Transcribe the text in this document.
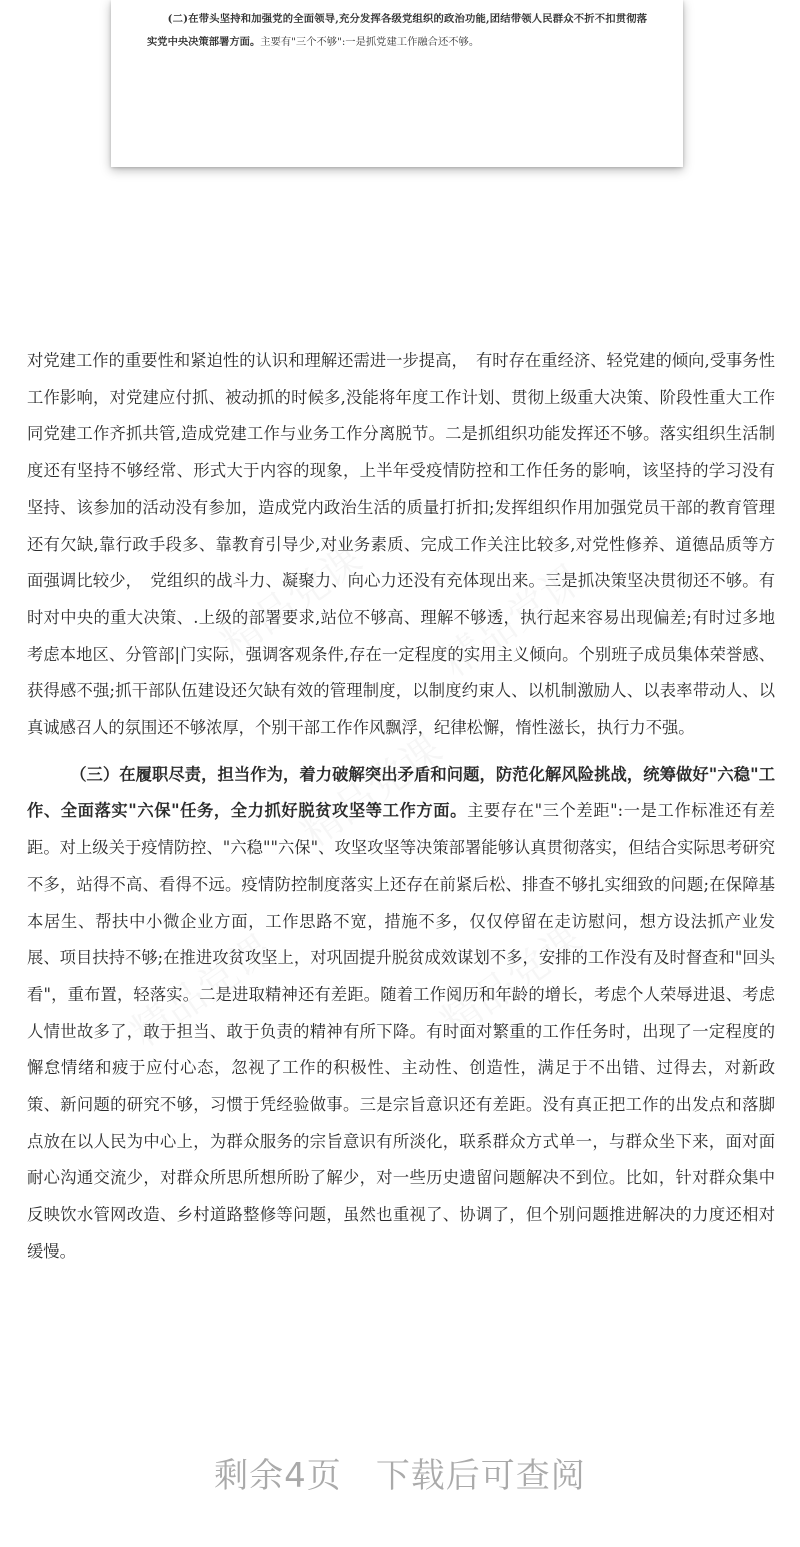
(二)在带头坚持和加强党的全面领导,充分发挥各级党组织的政治功能,团结带领人民群众不折不扣贯彻落实党中央决策部署方面。主要有"三个不够":一是抓党建工作融合还不够。

对党建工作的重要性和紧迫性的认识和理解还需进一步提高，　有时存在重经济、轻党建的倾向,受事务性工作影响，对党建应付抓、被动抓的时候多,没能将年度工作计划、贯彻上级重大决策、阶段性重大工作同党建工作齐抓共管,造成党建工作与业务工作分离脱节。二是抓组织功能发挥还不够。落实组织生活制度还有坚持不够经常、形式大于内容的现象，上半年受疫情防控和工作任务的影响，该坚持的学习没有坚持、该参加的活动没有参加，造成党内政治生活的质量打折扣;发挥组织作用加强党员干部的教育管理还有欠缺,靠行政手段多、靠教育引导少,对业务素质、完成工作关注比较多,对党性修养、道德品质等方面强调比较少，　党组织的战斗力、凝聚力、向心力还没有充体现出来。三是抓决策坚决贯彻还不够。有时对中央的重大决策、.上级的部署要求,站位不够高、理解不够透，执行起来容易出现偏差;有时过多地考虑本地区、分管部|门实际，强调客观条件,存在一定程度的实用主义倾向。个别班子成员集体荣誉感、获得感不强;抓干部队伍建设还欠缺有效的管理制度，以制度约束人、以机制激励人、以表率带动人、以真诚感召人的氛围还不够浓厚，个别干部工作作风飘浮，纪律松懈，惰性滋长，执行力不强。

（三）在履职尽责，担当作为，着力破解突出矛盾和问题，防范化解风险挑战，统筹做好"六稳"工作、全面落实"六保"任务，全力抓好脱贫攻坚等工作方面。主要存在"三个差距":一是工作标准还有差距。对上级关于疫情防控、"六稳""六保"、攻坚攻坚等决策部署能够认真贯彻落实，但结合实际思考研究不多，站得不高、看得不远。疫情防控制度落实上还存在前紧后松、排查不够扎实细致的问题;在保障基本居生、帮扶中小微企业方面，工作思路不宽，措施不多，仅仅停留在走访慰问，想方设法抓产业发展、项目扶持不够;在推进攻贫攻坚上，对巩固提升脱贫成效谋划不多，安排的工作没有及时督查和"回头看"，重布置，轻落实。二是进取精神还有差距。随着工作阅历和年龄的增长，考虑个人荣辱进退、考虑人情世故多了，敢于担当、敢于负责的精神有所下降。有时面对繁重的工作任务时，出现了一定程度的懈怠情绪和疲于应付心态，忽视了工作的积极性、主动性、创造性，满足于不出错、过得去，对新政策、新问题的研究不够，习惯于凭经验做事。三是宗旨意识还有差距。没有真正把工作的出发点和落脚点放在以人民为中心上，为群众服务的宗旨意识有所淡化，联系群众方式单一，与群众坐下来，面对面耐心沟通交流少，对群众所思所想所盼了解少，对一些历史遗留问题解决不到位。比如，针对群众集中反映饮水管网改造、乡村道路整修等问题，虽然也重视了、协调了，但个别问题推进解决的力度还相对缓慢。

剩余4页 下载后可查阅
